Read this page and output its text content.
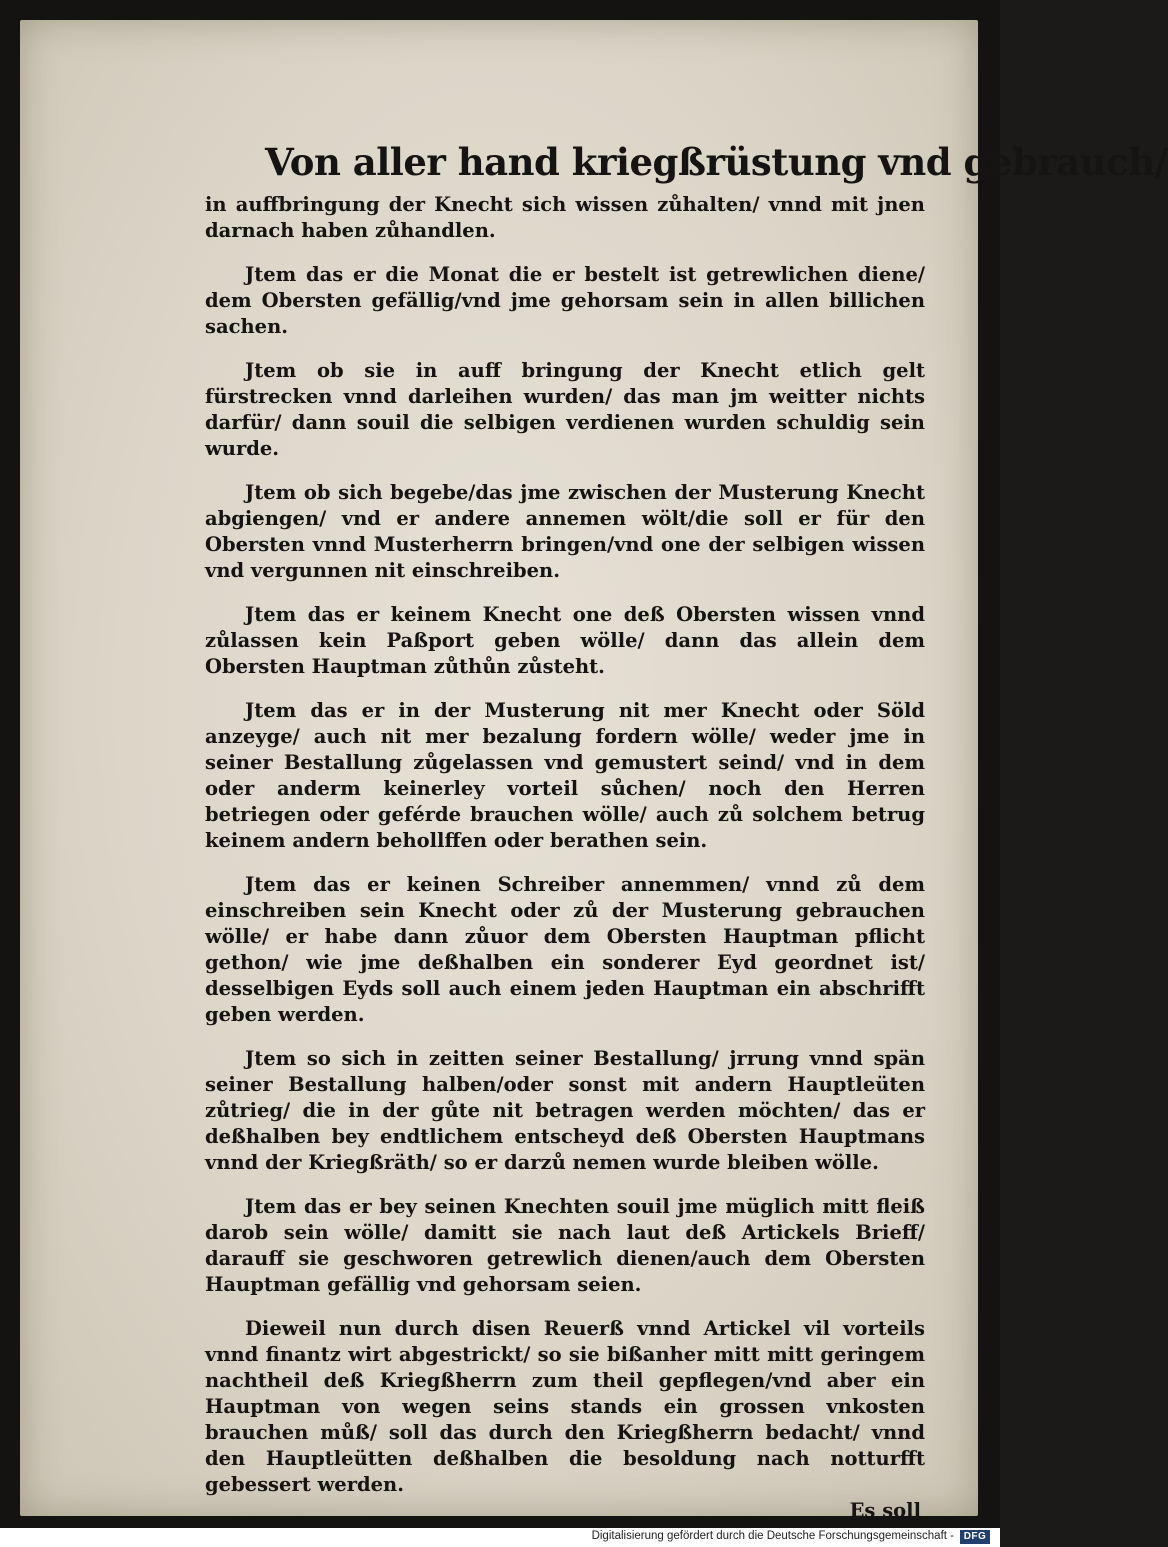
Von aller hand kriegßrüstung vnd gebrauch/
in auffbringung der Knecht sich wissen zůhalten/ vnnd mit jnen darnach haben zůhandlen.

Jtem das er die Monat die er bestelt ist getrewlichen diene/ dem Obersten gefällig/vnd jme gehorsam sein in allen billichen sachen.

Jtem ob sie in auff bringung der Knecht etlich gelt fürstrecken vnnd darleihen wurden/ das man jm weitter nichts darfür/ dann souil die selbigen verdienen wurden schuldig sein wurde.

Jtem ob sich begebe/das jme zwischen der Musterung Knecht abgiengen/ vnd er andere annemen wölt/die soll er für den Obersten vnnd Musterherrn bringen/vnd one der selbigen wissen vnd vergunnen nit einschreiben.

Jtem das er keinem Knecht one deß Obersten wissen vnnd zůlassen kein Paßport geben wölle/ dann das allein dem Obersten Hauptman zůthůn zůsteht.

Jtem das er in der Musterung nit mer Knecht oder Söld anzeyge/ auch nit mer bezalung fordern wölle/ weder jme in seiner Bestallung zůgelassen vnd gemustert seind/ vnd in dem oder anderm keinerley vorteil sůchen/ noch den Herren betriegen oder geférde brauchen wölle/ auch zů solchem betrug keinem andern behollffen oder berathen sein.

Jtem das er keinen Schreiber annemmen/ vnnd zů dem einschreiben sein Knecht oder zů der Musterung gebrauchen wölle/ er habe dann zůuor dem Obersten Hauptman pflicht gethon/ wie jme deßhalben ein sonderer Eyd geordnet ist/ desselbigen Eyds soll auch einem jeden Hauptman ein abschrifft geben werden.

Jtem so sich in zeitten seiner Bestallung/ jrrung vnnd spän seiner Bestallung halben/oder sonst mit andern Hauptleüten zůtrieg/ die in der gůte nit betragen werden möchten/ das er deßhalben bey endtlichem entscheyd deß Obersten Hauptmans vnnd der Kriegßräth/ so er darzů nemen wurde bleiben wölle.

Jtem das er bey seinen Knechten souil jme müglich mitt fleiß darob sein wölle/ damitt sie nach laut deß Artickels Brieff/ darauff sie geschworen getrewlich dienen/auch dem Obersten Hauptman gefällig vnd gehorsam seien.

Dieweil nun durch disen Reuerß vnnd Artickel vil vorteils vnnd finantz wirt abgestrickt/ so sie bißanher mitt mitt geringem nachtheil deß Kriegßherrn zum theil gepflegen/vnd aber ein Hauptman von wegen seins stands ein grossen vnkosten brauchen můß/ soll das durch den Kriegßherrn bedacht/ vnnd den Hauptleütten deßhalben die besoldung nach notturfft gebessert werden.

Es soll
Digitalisierung gefördert durch die Deutsche Forschungsgemeinschaft - DFG
